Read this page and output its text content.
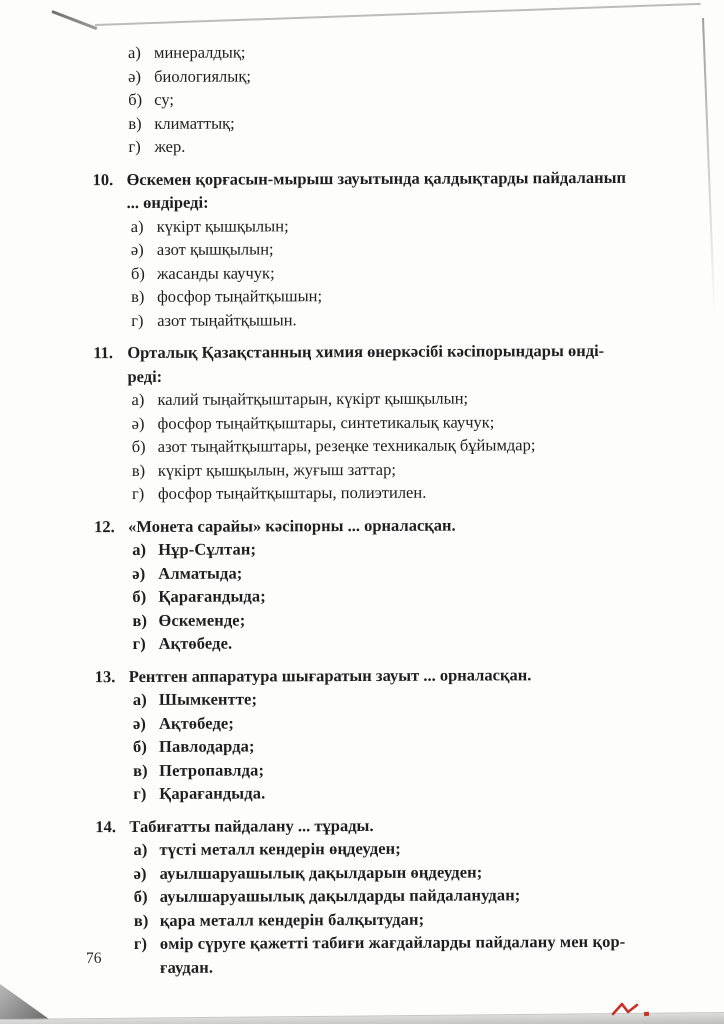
а) минералдық;
ә) биологиялық;
б) су;
в) климаттық;
г) жер.
10. Өскемен қорғасын-мырыш зауытында қалдықтарды пайдаланып
... өндіреді:
а) күкірт қышқылын;
ә) азот қышқылын;
б) жасанды каучук;
в) фосфор тыңайтқышын;
г) азот тыңайтқышын.
11. Орталық Қазақстанның химия өнеркәсібі кәсіпорындары өнді-
реді:
а) калий тыңайтқыштарын, күкірт қышқылын;
ә) фосфор тыңайтқыштары, синтетикалық каучук;
б) азот тыңайтқыштары, резеңке техникалық бұйымдар;
в) күкірт қышқылын, жуғыш заттар;
г) фосфор тыңайтқыштары, полиэтилен.
12. «Монета сарайы» кәсіпорны ... орналасқан.
а) Нұр-Сұлтан;
ә) Алматыда;
б) Қарағандыда;
в) Өскеменде;
г) Ақтөбеде.
13. Рентген аппаратура шығаратын зауыт ... орналасқан.
а) Шымкентте;
ә) Ақтөбеде;
б) Павлодарда;
в) Петропавлда;
г) Қарағандыда.
14. Табиғатты пайдалану ... тұрады.
а) түсті металл кендерін өңдеуден;
ә) ауылшаруашылық дақылдарын өңдеуден;
б) ауылшаруашылық дақылдарды пайдаланудан;
в) қара металл кендерін балқытудан;
г) өмір сүруге қажетті табиғи жағдайларды пайдалану мен қор-
ғаудан.
76
